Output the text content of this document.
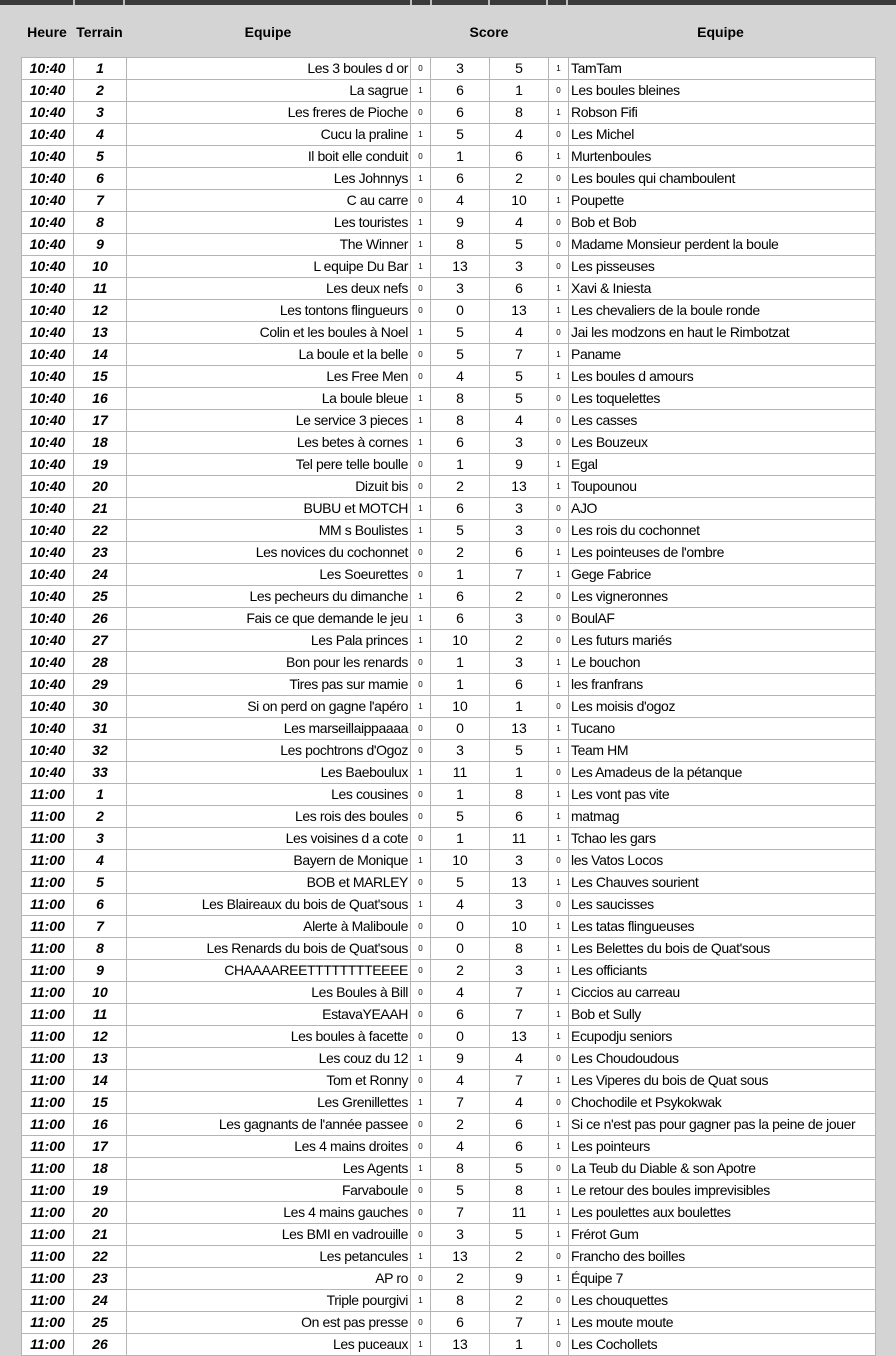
Heure Terrain	Equipe	Score	Equipe
10:40	1	Les 3 boules d or	0	3	5	1	TamTam
10:40	2	La sagrue	1	6	1	0	Les boules bleines
10:40	3	Les freres de Pioche	0	6	8	1	Robson Fifi
10:40	4	Cucu la praline	1	5	4	0	Les Michel
10:40	5	Il boit elle conduit	0	1	6	1	Murtenboules
10:40	6	Les Johnnys	1	6	2	0	Les boules qui chamboulent
10:40	7	C au carre	0	4	10	1	Poupette
10:40	8	Les touristes	1	9	4	0	Bob et Bob
10:40	9	The Winner	1	8	5	0	Madame Monsieur perdent la boule
10:40	10	L equipe Du Bar	1	13	3	0	Les pisseuses
10:40	11	Les deux nefs	0	3	6	1	Xavi & Iniesta
10:40	12	Les tontons flingueurs	0	0	13	1	Les chevaliers de la boule ronde
10:40	13	Colin et les boules à Noel	1	5	4	0	Jai les modzons en haut le Rimbotzat
10:40	14	La boule et la belle	0	5	7	1	Paname
10:40	15	Les Free Men	0	4	5	1	Les boules d amours
10:40	16	La boule bleue	1	8	5	0	Les toquelettes
10:40	17	Le service 3 pieces	1	8	4	0	Les casses
10:40	18	Les betes à cornes	1	6	3	0	Les Bouzeux
10:40	19	Tel pere telle boulle	0	1	9	1	Egal
10:40	20	Dizuit bis	0	2	13	1	Toupounou
10:40	21	BUBU et MOTCH	1	6	3	0	AJO
10:40	22	MM s Boulistes	1	5	3	0	Les rois du cochonnet
10:40	23	Les novices du cochonnet	0	2	6	1	Les pointeuses de l'ombre
10:40	24	Les Soeurettes	0	1	7	1	Gege Fabrice
10:40	25	Les pecheurs du dimanche	1	6	2	0	Les vigneronnes
10:40	26	Fais ce que demande le jeu	1	6	3	0	BoulAF
10:40	27	Les Pala princes	1	10	2	0	Les futurs mariés
10:40	28	Bon pour les renards	0	1	3	1	Le bouchon
10:40	29	Tires pas sur mamie	0	1	6	1	les franfrans
10:40	30	Si on perd on gagne l'apéro	1	10	1	0	Les moisis d'ogoz
10:40	31	Les marseillaippaaaa	0	0	13	1	Tucano
10:40	32	Les pochtrons d'Ogoz	0	3	5	1	Team HM
10:40	33	Les Baeboulux	1	11	1	0	Les Amadeus de la pétanque
11:00	1	Les cousines	0	1	8	1	Les vont pas vite
11:00	2	Les rois des boules	0	5	6	1	matmag
11:00	3	Les voisines d a cote	0	1	11	1	Tchao les gars
11:00	4	Bayern de Monique	1	10	3	0	les Vatos Locos
11:00	5	BOB et MARLEY	0	5	13	1	Les Chauves sourient
11:00	6	Les Blaireaux du bois de Quat'sous	1	4	3	0	Les saucisses
11:00	7	Alerte à Maliboule	0	0	10	1	Les tatas flingueuses
11:00	8	Les Renards du bois de Quat'sous	0	0	8	1	Les Belettes du bois de Quat'sous
11:00	9	CHAAAAREETTTTTTTTEEEE	0	2	3	1	Les officiants
11:00	10	Les Boules à Bill	0	4	7	1	Ciccios au carreau
11:00	11	EstavaYEAAH	0	6	7	1	Bob et Sully
11:00	12	Les boules à facette	0	0	13	1	Ecupodju seniors
11:00	13	Les couz du 12	1	9	4	0	Les Choudoudous
11:00	14	Tom et Ronny	0	4	7	1	Les Viperes du bois de Quat sous
11:00	15	Les Grenillettes	1	7	4	0	Chochodile et Psykokwak
11:00	16	Les gagnants de l'année passee	0	2	6	1	Si ce n'est pas pour gagner pas la peine de jouer
11:00	17	Les 4 mains droites	0	4	6	1	Les pointeurs
11:00	18	Les Agents	1	8	5	0	La Teub du Diable & son Apotre
11:00	19	Farvaboule	0	5	8	1	Le retour des boules imprevisibles
11:00	20	Les 4 mains gauches	0	7	11	1	Les poulettes aux boulettes
11:00	21	Les BMI en vadrouille	0	3	5	1	Frérot Gum
11:00	22	Les petancules	1	13	2	0	Francho des boilles
11:00	23	AP ro	0	2	9	1	Équipe 7
11:00	24	Triple pourgivi	1	8	2	0	Les chouquettes
11:00	25	On est pas presse	0	6	7	1	Les moute moute
11:00	26	Les puceaux	1	13	1	0	Les Cochollets
